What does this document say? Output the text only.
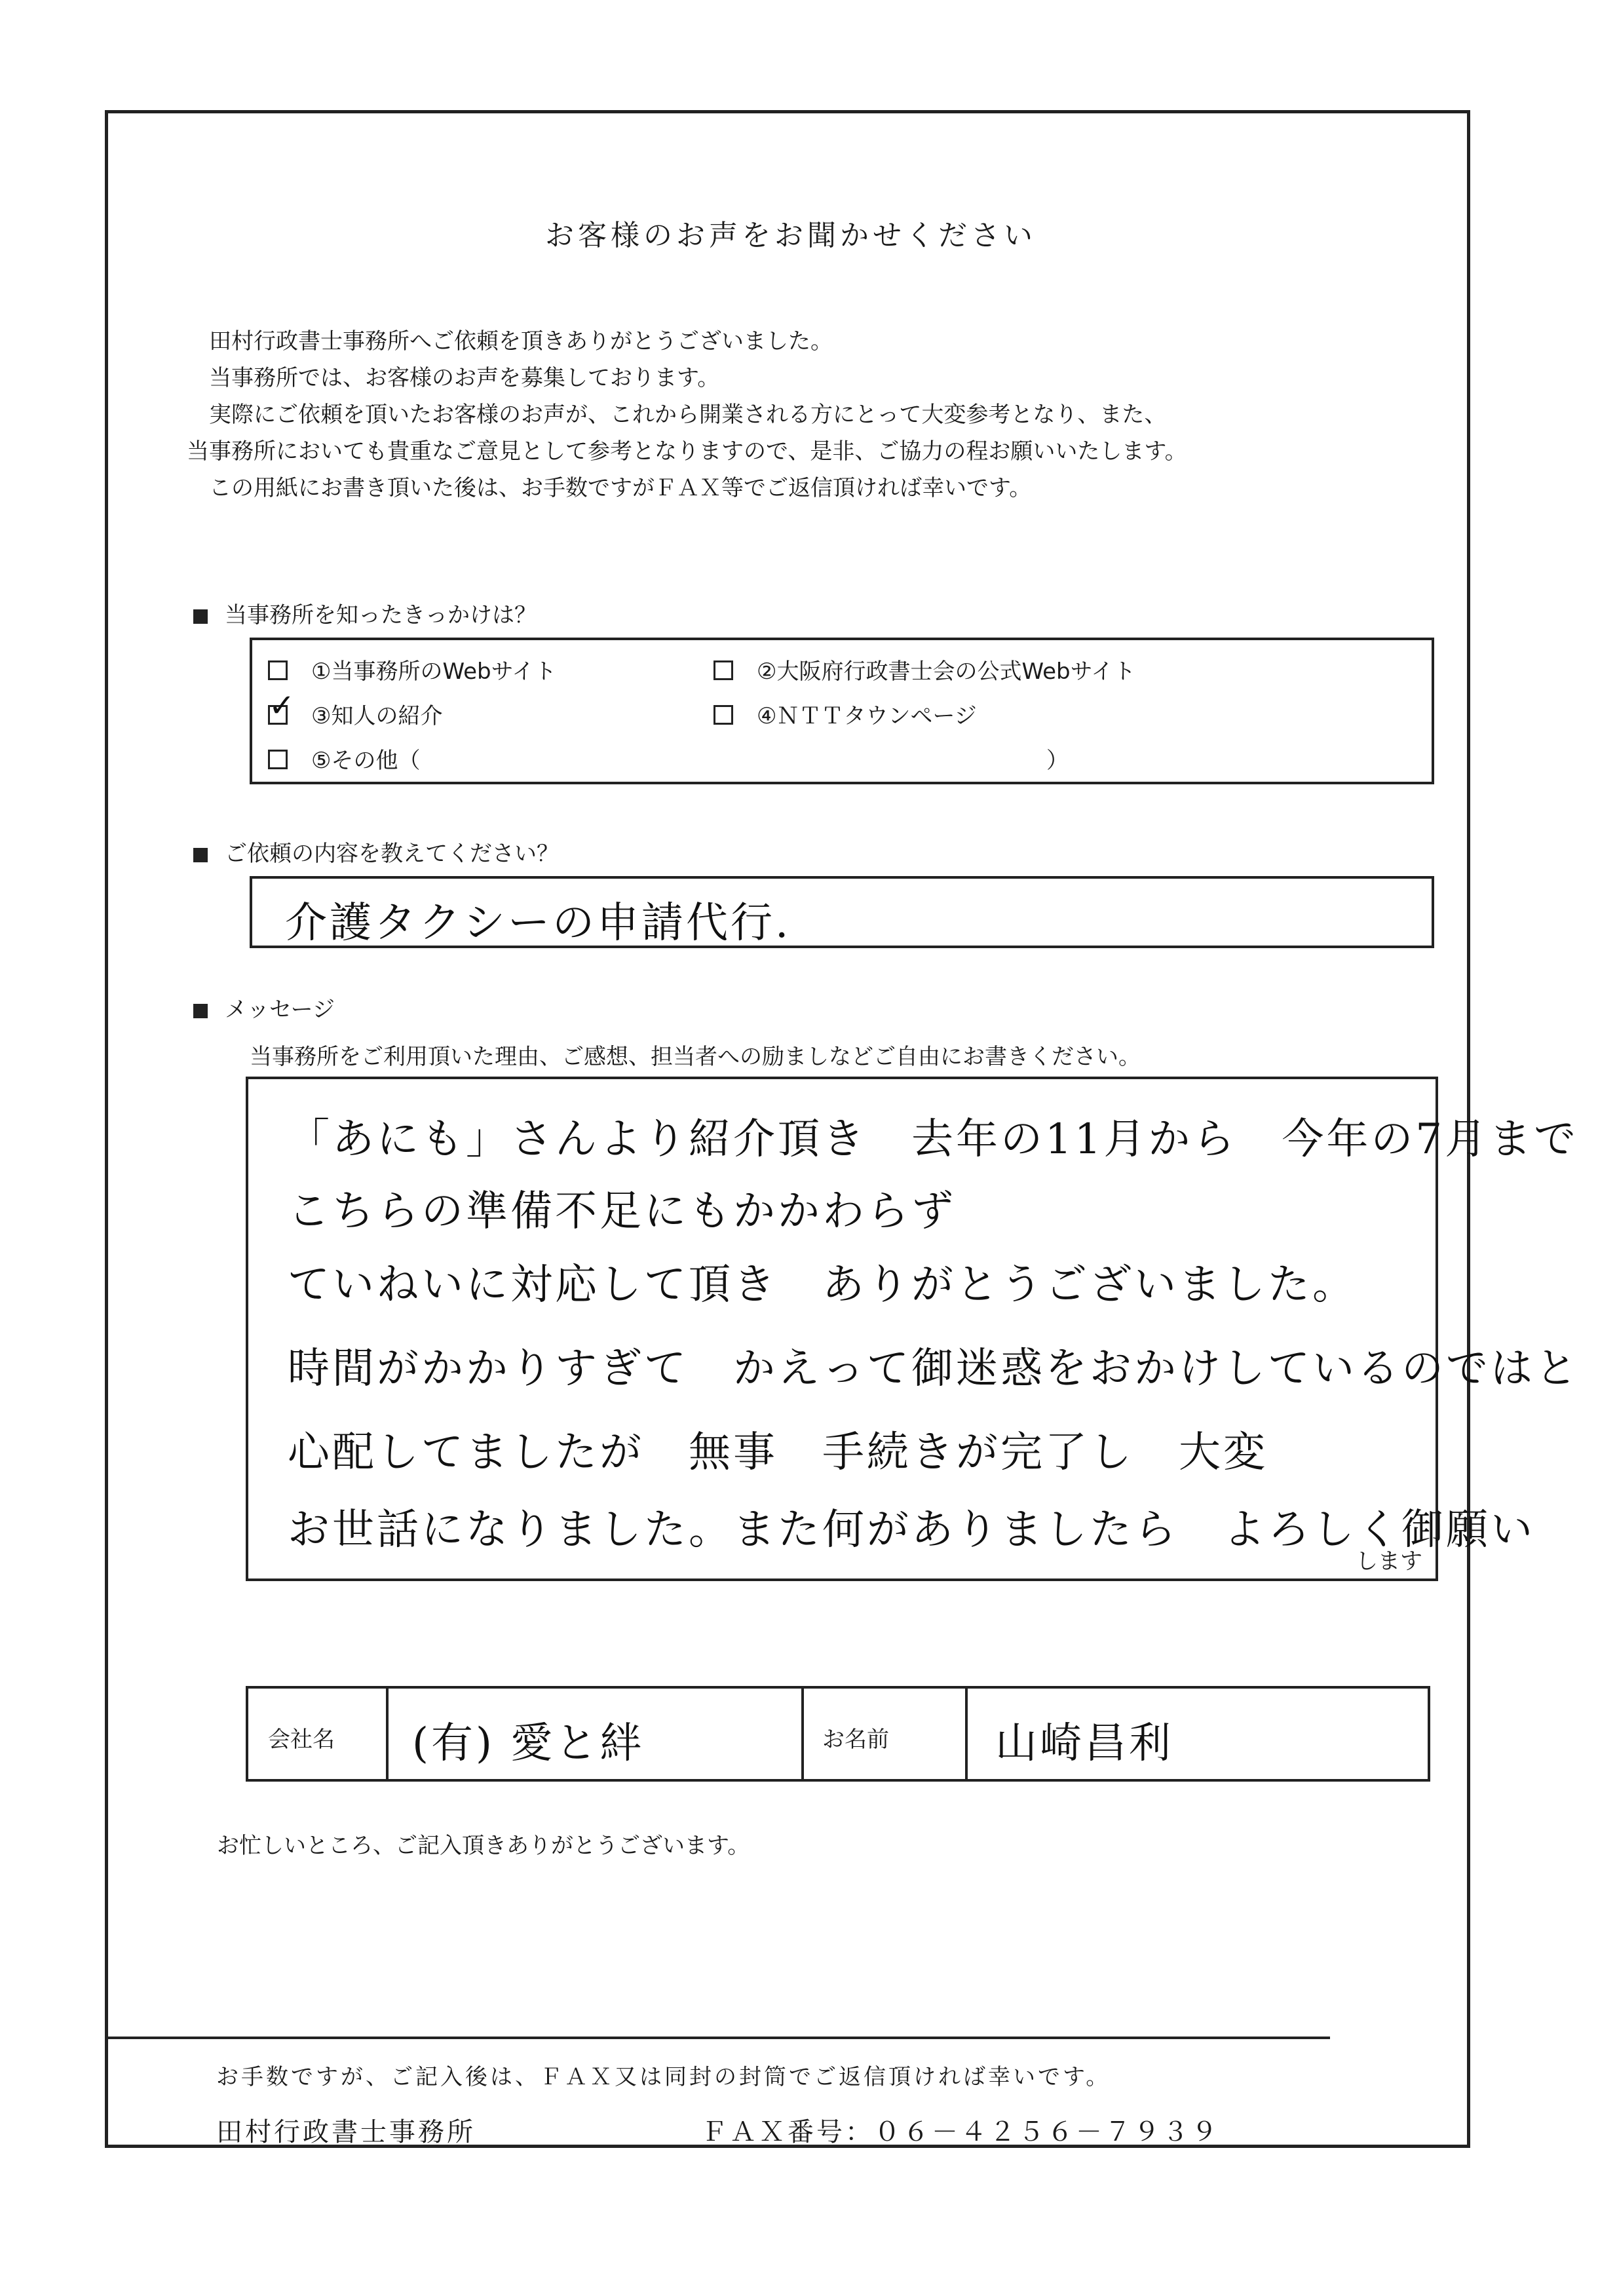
お客様のお声をお聞かせください
田村行政書士事務所へご依頼を頂きありがとうございました。
当事務所では、お客様のお声を募集しております。
実際にご依頼を頂いたお客様のお声が、これから開業される方にとって大変参考となり、また、
当事務所においても貴重なご意見として参考となりますので、是非、ご協力の程お願いいたします。
この用紙にお書き頂いた後は、お手数ですがＦＡＸ等でご返信頂ければ幸いです。
当事務所を知ったきっかけは？
①当事務所のWebサイト	②大阪府行政書士会の公式Webサイト
✓③知人の紹介	④ＮＴＴタウンページ
⑤その他（	）
ご依頼の内容を教えてください？
介護タクシーの申請代行.
メッセージ
当事務所をご利用頂いた理由、ご感想、担当者への励ましなどご自由にお書きください。
「あにも」さんより紹介頂き　去年の11月から　今年の7月まで
こちらの準備不足にもかかわらず
ていねいに対応して頂き　ありがとうございました。
時間がかかりすぎて　かえって御迷惑をおかけしているのではと
心配してましたが　無事　手続きが完了し　大変
お世話になりました。また何がありましたら　よろしく御願い
します
会社名 (有) 愛と絆	お名前	山崎昌利
お忙しいところ、ご記入頂きありがとうございます。
お手数ですが、ご記入後は、ＦＡＸ又は同封の封筒でご返信頂ければ幸いです。
田村行政書士事務所	ＦＡＸ番号：０６－４２５６－７９３９
